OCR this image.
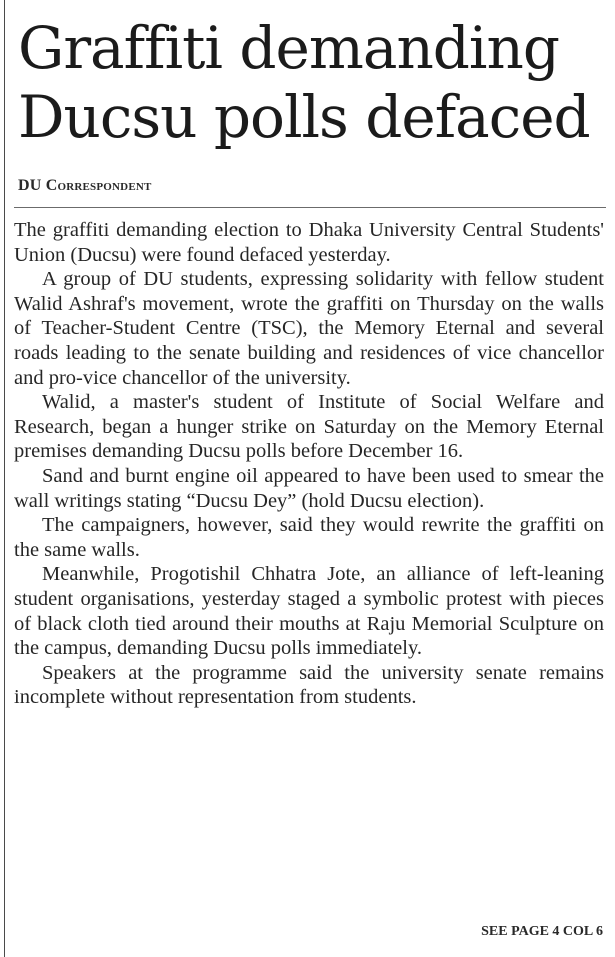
Graffiti demanding Ducsu polls defaced
DU Correspondent

The graffiti demanding election to Dhaka University Central Students' Union (Ducsu) were found defaced yesterday.

A group of DU students, expressing solidarity with fellow student Walid Ashraf's movement, wrote the graffiti on Thursday on the walls of Teacher-Student Centre (TSC), the Memory Eternal and several roads leading to the senate building and residences of vice chancellor and pro-vice chancellor of the university.

Walid, a master's student of Institute of Social Welfare and Research, began a hunger strike on Saturday on the Memory Eternal premises demanding Ducsu polls before December 16.

Sand and burnt engine oil appeared to have been used to smear the wall writings stating “Ducsu Dey” (hold Ducsu election).

The campaigners, however, said they would rewrite the graffiti on the same walls.

Meanwhile, Progotishil Chhatra Jote, an alliance of left-leaning student organisations, yesterday staged a symbolic protest with pieces of black cloth tied around their mouths at Raju Memorial Sculpture on the campus, demanding Ducsu polls immediately.

Speakers at the programme said the university senate remains incomplete without representation from students.

SEE PAGE 4 COL 6
